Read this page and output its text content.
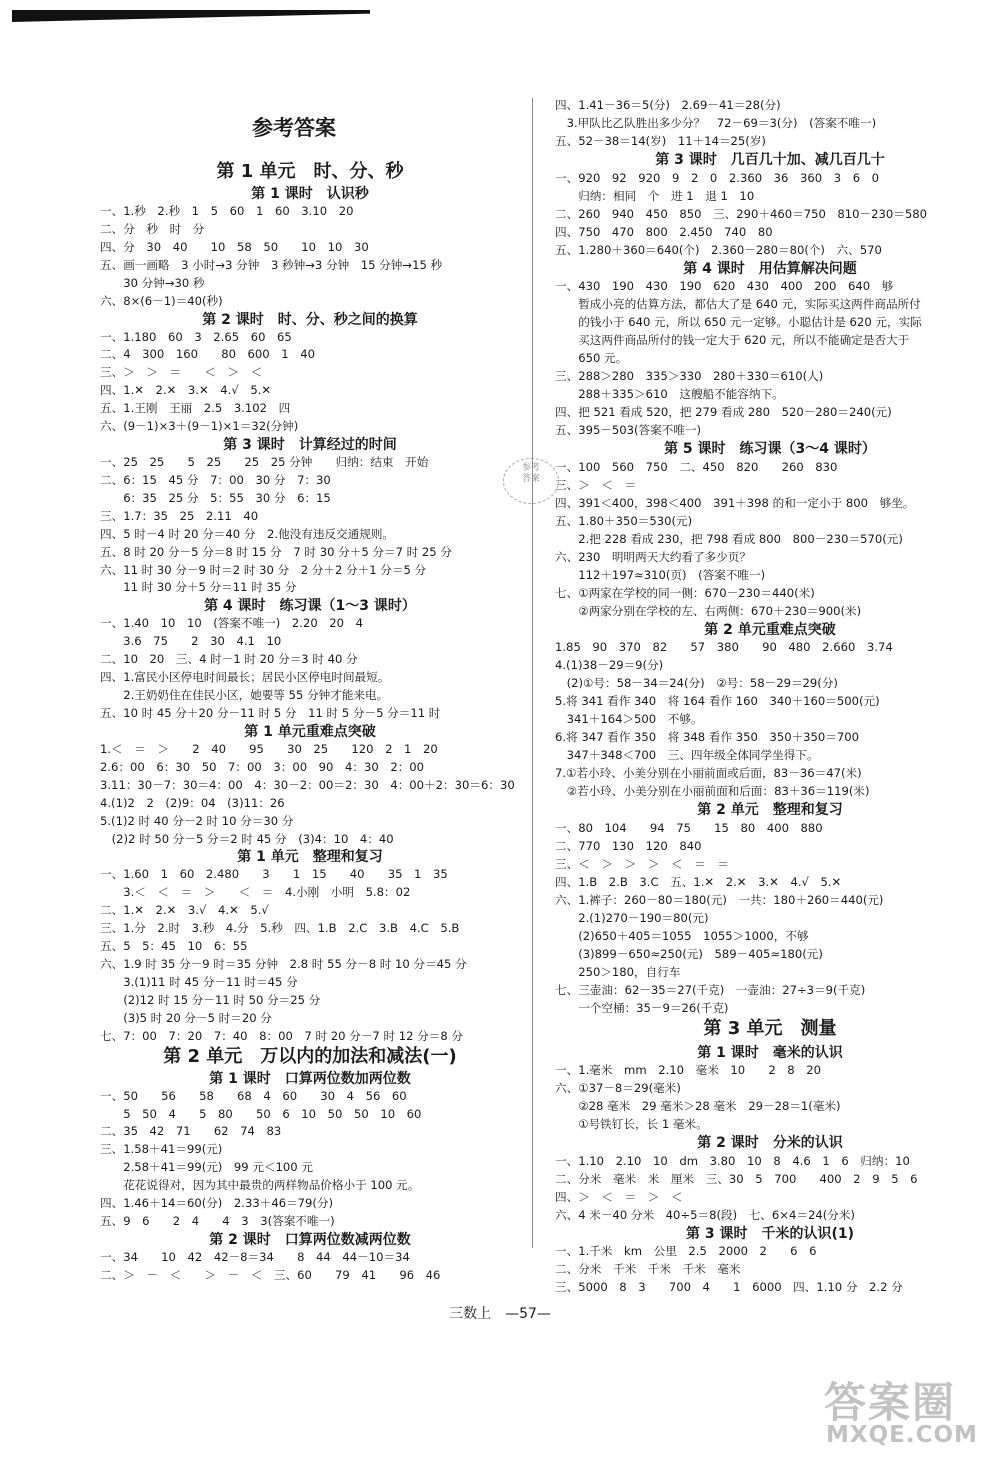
参考答案
第 1 单元　时、分、秒
第 1 课时　认识秒
一、1.秒　2.秒　1　5　60　1　60　3.10　20
二、分　秒　时　分
四、分　30　40　　10　58　50　　10　10　30
五、画一画略　3 小时→3 分钟　3 秒钟→3 分钟　15 分钟→15 秒
　　30 分钟→30 秒
六、8×(6－1)＝40(秒)
第 2 课时　时、分、秒之间的换算
一、1.180　60　3　2.65　60　65
二、4　300　160　　80　600　1　40
三、＞　＞　＝　　＜　＞　＜
四、1.✕　2.✕　3.✕　4.√　5.✕
五、1.王刚　王丽　2.5　3.102　四
六、(9－1)×3＋(9－1)×1＝32(分钟)
第 3 课时　计算经过的时间
一、25　25　　5　25　　25　25 分钟　　归纳：结束　开始
二、6：15　45 分　7：00　30 分　7：30
　　6：35　25 分　5：55　30 分　6：15
三、1.7：35　25　2.11　40
四、5 时－4 时 20 分＝40 分　2.他没有违反交通规则。
五、8 时 20 分－5 分＝8 时 15 分　7 时 30 分＋5 分＝7 时 25 分
六、11 时 30 分－9 时＝2 时 30 分　2 分＋2 分＋1 分＝5 分
　　11 时 30 分＋5 分＝11 时 35 分
第 4 课时　练习课（1～3 课时）
一、1.40　10　10　(答案不唯一)　2.20　20　4
　　3.6　75　　2　30　4.1　10
二、10　20　三、4 时－1 时 20 分＝3 时 40 分
四、1.富民小区停电时间最长；居民小区停电时间最短。
　　2.王奶奶住在佳民小区，她要等 55 分钟才能来电。
五、10 时 45 分＋20 分－11 时 5 分　11 时 5 分－5 分＝11 时
第 1 单元重难点突破
1.＜　＝　＞　　2　40　　95　　30　25　　120　2　1　20
2.6：00　6：30　50　7：00　3：00　90　4：30　2：00
3.11：30－7：30＝4：00　4：30－2：00＝2：30　4：00＋2：30＝6：30
4.(1)2　2　(2)9：04　(3)11：26
5.(1)2 时 40 分－2 时 10 分＝30 分
　(2)2 时 50 分－5 分＝2 时 45 分　(3)4：10　4：40
第 1 单元　整理和复习
一、1.60　1　60　2.480　　3　　1　15　　40　　35　1　35
　　3.＜　＜　＝　＞　　＜　＝　4.小刚　小明　5.8：02
二、1.✕　2.✕　3.√　4.✕　5.√
三、1.分　2.时　3.秒　4.分　5.秒　四、1.B　2.C　3.B　4.C　5.B
五、5　5：45　10　6：55
六、1.9 时 35 分－9 时＝35 分钟　2.8 时 55 分－8 时 10 分＝45 分
　　3.(1)11 时 45 分－11 时＝45 分
　　(2)12 时 15 分－11 时 50 分＝25 分
　　(3)5 时 20 分－5 时＝20 分
七、7：00　7：20　7：40　8：00　7 时 20 分－7 时 12 分＝8 分
第 2 单元　万以内的加法和减法(一)
第 1 课时　口算两位数加两位数
一、50　　56　　58　　68　4　60　　30　4　56　60
　　5　50　4　　5　80　　50　6　10　50　50　10　60
二、35　42　71　　62　74　83
三、1.58＋41＝99(元)
　　2.58＋41＝99(元)　99 元＜100 元
　　花花说得对，因为其中最贵的两样物品价格小于 100 元。
四、1.46＋14＝60(分)　2.33＋46＝79(分)
五、9　6　　2　4　　4　3　3(答案不唯一)
第 2 课时　口算两位数减两位数
一、34　　10　42　42－8＝34　　8　44　44－10＝34
二、＞　－　＜　　＞　－　＜　三、60　　79　41　　96　46
四、1.41－36＝5(分)　2.69－41＝28(分)
　3.甲队比乙队胜出多少分？　72－69＝3(分)　(答案不唯一)
五、52－38＝14(岁)　11＋14＝25(岁)
第 3 课时　几百几十加、减几百几十
一、920　92　920　9　2　0　2.360　36　360　3　6　0
　　归纳：相同　个　进 1　退 1　10
二、260　940　450　850　三、290＋460＝750　810－230＝580
四、750　470　800　2.450　740　80
五、1.280＋360＝640(个)　2.360－280＝80(个)　六、570
第 4 课时　用估算解决问题
一、430　190　430　190　620　430　400　200　640　够
　　暂成小亮的估算方法，都估大了是 640 元，实际买这两件商品所付
　　的钱小于 640 元，所以 650 元一定够。小聪估计是 620 元，实际
　　买这两件商品所付的钱一定大于 620 元，所以不能确定是否大于
　　650 元。
三、288＞280　335＞330　280＋330＝610(人)
　　288＋335＞610　这艘船不能容纳下。
四、把 521 看成 520，把 279 看成 280　520－280＝240(元)
五、395－503(答案不唯一)
第 5 课时　练习课（3～4 课时）
一、100　560　750　二、450　820　　260　830
三、＞　＜　＝
四、391＜400，398＜400　391＋398 的和一定小于 800　够坐。
五、1.80＋350＝530(元)
　　2.把 228 看成 230，把 798 看成 800　800－230＝570(元)
六、230　明明两天大约看了多少页？
　　112＋197≈310(页)　(答案不唯一)
七、①两家在学校的同一侧：670－230＝440(米)
　　②两家分别在学校的左、右两侧：670＋230＝900(米)
第 2 单元重难点突破
1.85　90　370　82　　57　380　　90　480　2.660　3.74
4.(1)38－29＝9(分)
　(2)①号：58－34＝24(分)　②号：58－29＝29(分)
5.将 341 看作 340　将 164 看作 160　340＋160＝500(元)
　341＋164＞500　不够。
6.将 347 看作 350　将 348 看作 350　350＋350＝700
　347＋348＜700　三、四年级全体同学坐得下。
7.①若小玲、小美分别在小丽前面或后面，83－36＝47(米)
　②若小玲、小美分别在小丽前面和后面：83＋36＝119(米)
第 2 单元　整理和复习
一、80　104　　94　75　　15　80　400　880
二、770　130　120　840
三、＜　＞　＞　＞　＜　＝　＝
四、1.B　2.B　3.C　五、1.✕　2.✕　3.✕　4.√　5.✕
六、1.裤子：260－80＝180(元)　一共：180＋260＝440(元)
　　2.(1)270－190＝80(元)
　　(2)650＋405＝1055　1055＞1000，不够
　　(3)899－650≈250(元)　589－405≈180(元)
　　250＞180，自行车
七、三壶油：62－35＝27(千克)　一壶油：27÷3＝9(千克)
　　一个空桶：35－9＝26(千克)
第 3 单元　测量
第 1 课时　毫米的认识
一、1.毫米　mm　2.10　毫米　10　　2　8　20
六、①37－8＝29(毫米)
　　②28 毫米　29 毫米＞28 毫米　29－28＝1(毫米)
　　①号铁钉长，长 1 毫米。
第 2 课时　分米的认识
一、1.10　2.10　10　dm　3.80　10　8　4.6　1　6　归纳：10
二、分米　毫米　米　厘米　三、30　5　700　　400　2　9　5　6
四、＞　＜　＝　＞　＜
六、4 米－40 分米　40÷5＝8(段)　七、6×4＝24(分米)
第 3 课时　千米的认识(1)
一、1.千米　km　公里　2.5　2000　2　　6　6
二、分米　千米　千米　千米　毫米
三、5000　8　3　　700　4　　1　6000　四、1.10 分　2.2 分
参考
答案
三数上　—57—
答案圈
MXQE.COM
